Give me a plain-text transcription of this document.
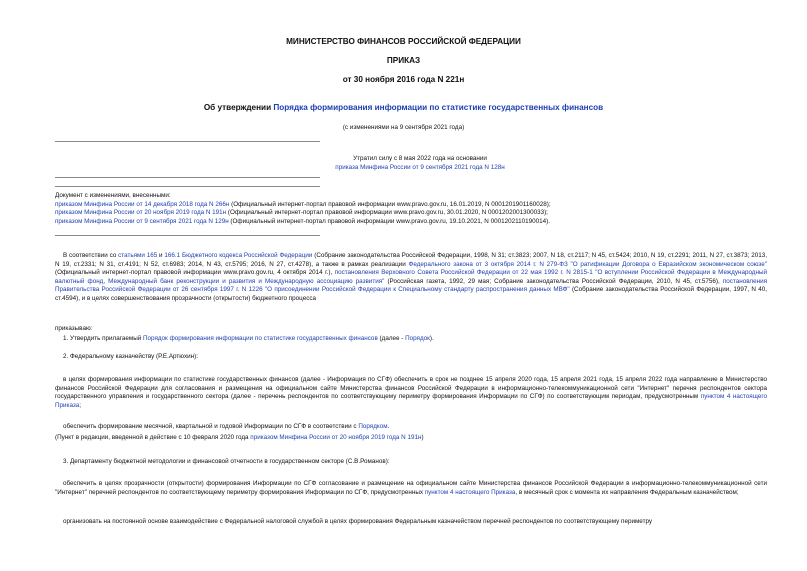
МИНИСТЕРСТВО ФИНАНСОВ РОССИЙСКОЙ ФЕДЕРАЦИИ
ПРИКАЗ
от 30 ноября 2016 года N 221н
Об утверждении Порядка формирования информации по статистике государственных финансов
(с изменениями на 9 сентября 2021 года)
Утратил силу с 8 мая 2022 года на основании
приказа Минфина России от 9 сентября 2021 года N 128н
Документ с изменениями, внесенными:
приказом Минфина России от 14 декабря 2018 года N 266н (Официальный интернет-портал правовой информации www.pravo.gov.ru, 16.01.2019, N 0001201901160028);
приказом Минфина России от 20 ноября 2019 года N 191н (Официальный интернет-портал правовой информации www.pravo.gov.ru, 30.01.2020, N 0001202001300033);
приказом Минфина России от 9 сентября 2021 года N 129н (Официальный интернет-портал правовой информации www.pravo.gov.ru, 19.10.2021, N 0001202110190014).
В соответствии со статьями 165 и 166.1 Бюджетного кодекса Российской Федерации (Собрание законодательства Российской Федерации, 1998, N 31; ст.3823; 2007, N 18, ст.2117; N 45, ст.5424; 2010, N 19, ст.2291; 2011, N 27, ст.3873; 2013, N 19, ст.2331; N 31, ст.4191; N 52, ст.6983; 2014, N 43, ст.5795; 2016, N 27, ст.4278), а также в рамках реализации Федерального закона от 3 октября 2014 г. N 279-ФЗ "О ратификации Договора о Евразийском экономическом союзе" (Официальный интернет-портал правовой информации www.pravo.gov.ru, 4 октября 2014 г.), постановления Верховного Совета Российской Федерации от 22 мая 1992 г. N 2815-1 "О вступлении Российской Федерации в Международный валютный фонд, Международный банк реконструкции и развития и Международную ассоциацию развития" (Российская газета, 1992, 29 мая; Собрание законодательства Российской Федерации, 2010, N 45, ст.5756), постановления Правительства Российской Федерации от 26 сентября 1997 г. N 1226 "О присоединении Российской Федерации к Специальному стандарту распространения данных МВФ" (Собрание законодательства Российской Федерации, 1997, N 40, ст.4594), и в целях совершенствования прозрачности (открытости) бюджетного процесса
приказываю:
1. Утвердить прилагаемый Порядок формирования информации по статистике государственных финансов (далее - Порядок).
2. Федеральному казначейству (Р.Е.Артюхин):
в целях формирования информации по статистике государственных финансов (далее - Информация по СГФ) обеспечить в срок не позднее 15 апреля 2020 года, 15 апреля 2021 года, 15 апреля 2022 года направление в Министерство финансов Российской Федерации для согласования и размещения на официальном сайте Министерства финансов Российской Федерации в информационно-телекоммуникационной сети "Интернет" перечня респондентов сектора государственного управления и государственного сектора (далее - перечень респондентов по соответствующему периметру формирования Информации по СГФ) по соответствующим периодам, предусмотренным пунктом 4 настоящего Приказа;
обеспечить формирование месячной, квартальной и годовой Информации по СГФ в соответствии с Порядком.
(Пункт в редакции, введенной в действие с 10 февраля 2020 года приказом Минфина России от 20 ноября 2019 года N 191н)
3. Департаменту бюджетной методологии и финансовой отчетности в государственном секторе (С.В.Романов):
обеспечить в целях прозрачности (открытости) формирования Информации по СГФ согласование и размещение на официальном сайте Министерства финансов Российской Федерации в информационно-телекоммуникационной сети "Интернет" перечней респондентов по соответствующему периметру формирования Информации по СГФ, предусмотренных пунктом 4 настоящего Приказа, в месячный срок с момента их направления Федеральным казначейством;
организовать на постоянной основе взаимодействие с Федеральной налоговой службой в целях формирования Федеральным казначейством перечней респондентов по соответствующему периметру
